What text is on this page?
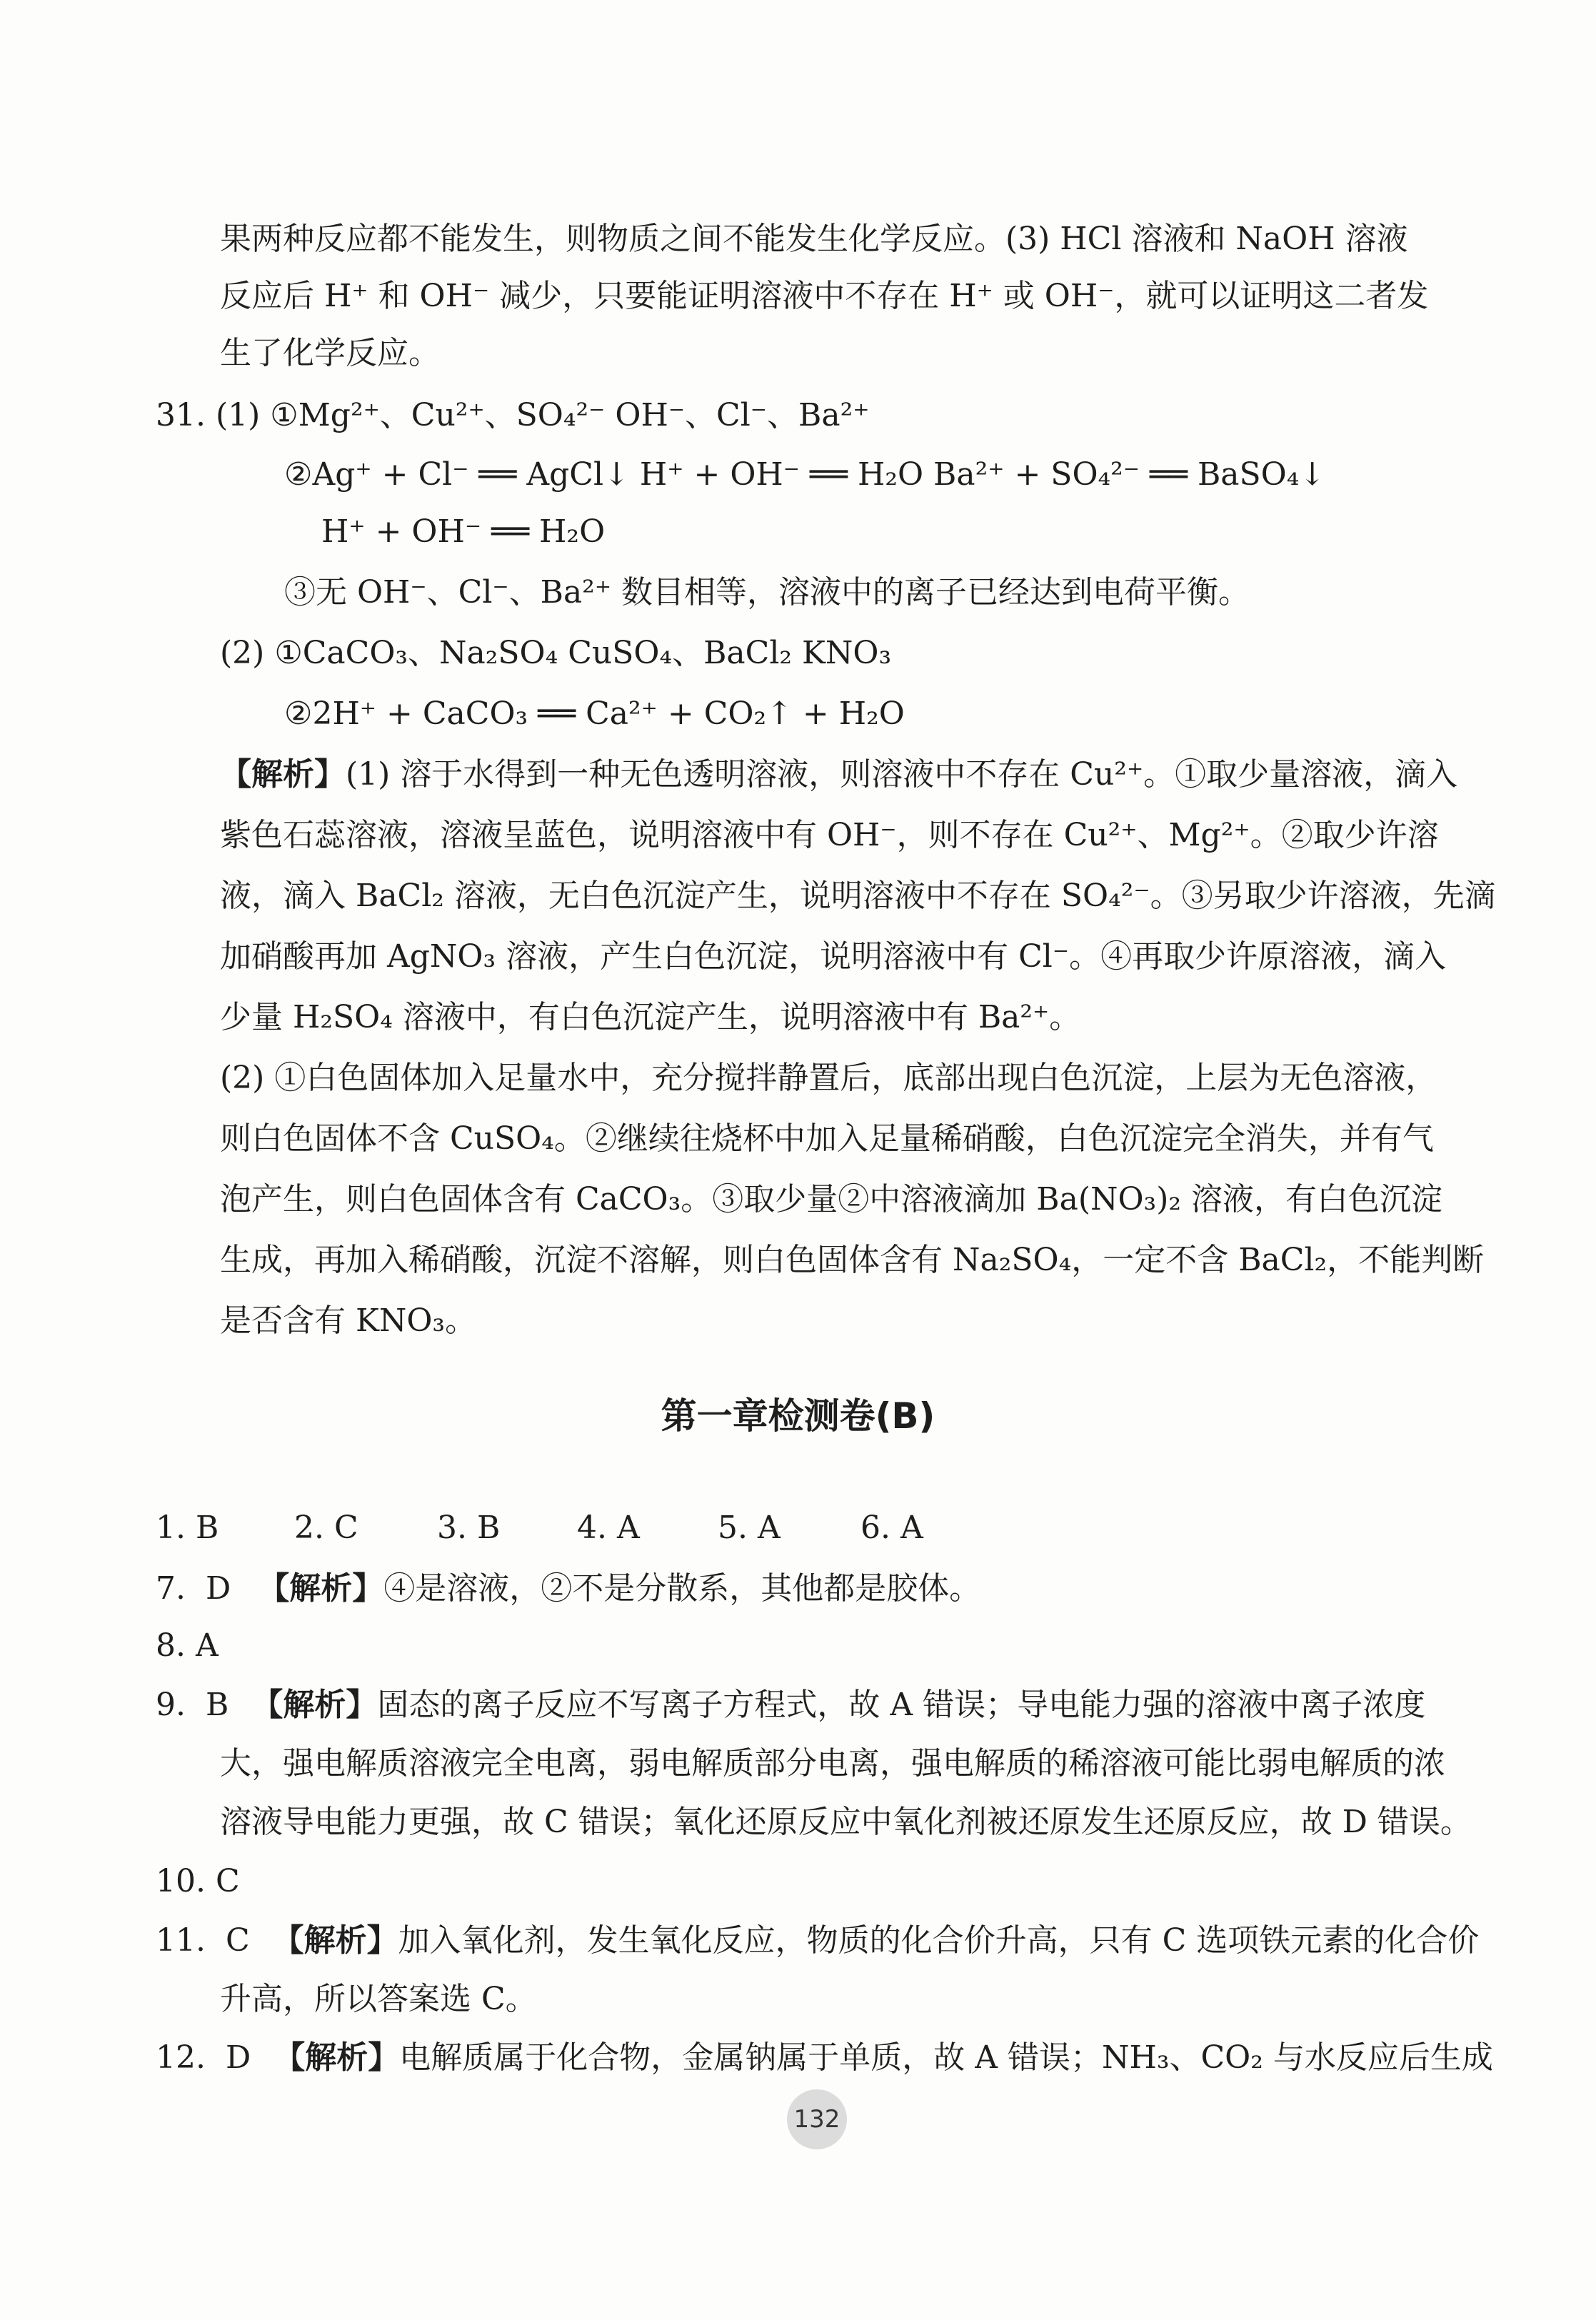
果两种反应都不能发生，则物质之间不能发生化学反应。(3) HCl 溶液和 NaOH 溶液
反应后 H⁺ 和 OH⁻ 减少，只要能证明溶液中不存在 H⁺ 或 OH⁻，就可以证明这二者发
生了化学反应。
31. (1) ①Mg²⁺、Cu²⁺、SO₄²⁻ OH⁻、Cl⁻、Ba²⁺
②Ag⁺ + Cl⁻ ══ AgCl↓ H⁺ + OH⁻ ══ H₂O Ba²⁺ + SO₄²⁻ ══ BaSO₄↓
H⁺ + OH⁻ ══ H₂O
③无 OH⁻、Cl⁻、Ba²⁺ 数目相等，溶液中的离子已经达到电荷平衡。
(2) ①CaCO₃、Na₂SO₄ CuSO₄、BaCl₂ KNO₃
②2H⁺ + CaCO₃ ══ Ca²⁺ + CO₂↑ + H₂O
【解析】(1) 溶于水得到一种无色透明溶液，则溶液中不存在 Cu²⁺。①取少量溶液，滴入
紫色石蕊溶液，溶液呈蓝色，说明溶液中有 OH⁻，则不存在 Cu²⁺、Mg²⁺。②取少许溶
液，滴入 BaCl₂ 溶液，无白色沉淀产生，说明溶液中不存在 SO₄²⁻。③另取少许溶液，先滴
加硝酸再加 AgNO₃ 溶液，产生白色沉淀，说明溶液中有 Cl⁻。④再取少许原溶液，滴入
少量 H₂SO₄ 溶液中，有白色沉淀产生，说明溶液中有 Ba²⁺。
(2) ①白色固体加入足量水中，充分搅拌静置后，底部出现白色沉淀，上层为无色溶液，
则白色固体不含 CuSO₄。②继续往烧杯中加入足量稀硝酸，白色沉淀完全消失，并有气
泡产生，则白色固体含有 CaCO₃。③取少量②中溶液滴加 Ba(NO₃)₂ 溶液，有白色沉淀
生成，再加入稀硝酸，沉淀不溶解，则白色固体含有 Na₂SO₄，一定不含 BaCl₂，不能判断
是否含有 KNO₃。
第一章检测卷(B)
1. B 2. C	3. B 4. A 5. A	6. A
7. D 【解析】④是溶液，②不是分散系，其他都是胶体。
8. A
9. B 【解析】固态的离子反应不写离子方程式，故 A 错误；导电能力强的溶液中离子浓度
大，强电解质溶液完全电离，弱电解质部分电离，强电解质的稀溶液可能比弱电解质的浓
溶液导电能力更强，故 C 错误；氧化还原反应中氧化剂被还原发生还原反应，故 D 错误。
10. C
11. C 【解析】加入氧化剂，发生氧化反应，物质的化合价升高，只有 C 选项铁元素的化合价
升高，所以答案选 C。
12. D 【解析】电解质属于化合物，金属钠属于单质，故 A 错误；NH₃、CO₂ 与水反应后生成
132
